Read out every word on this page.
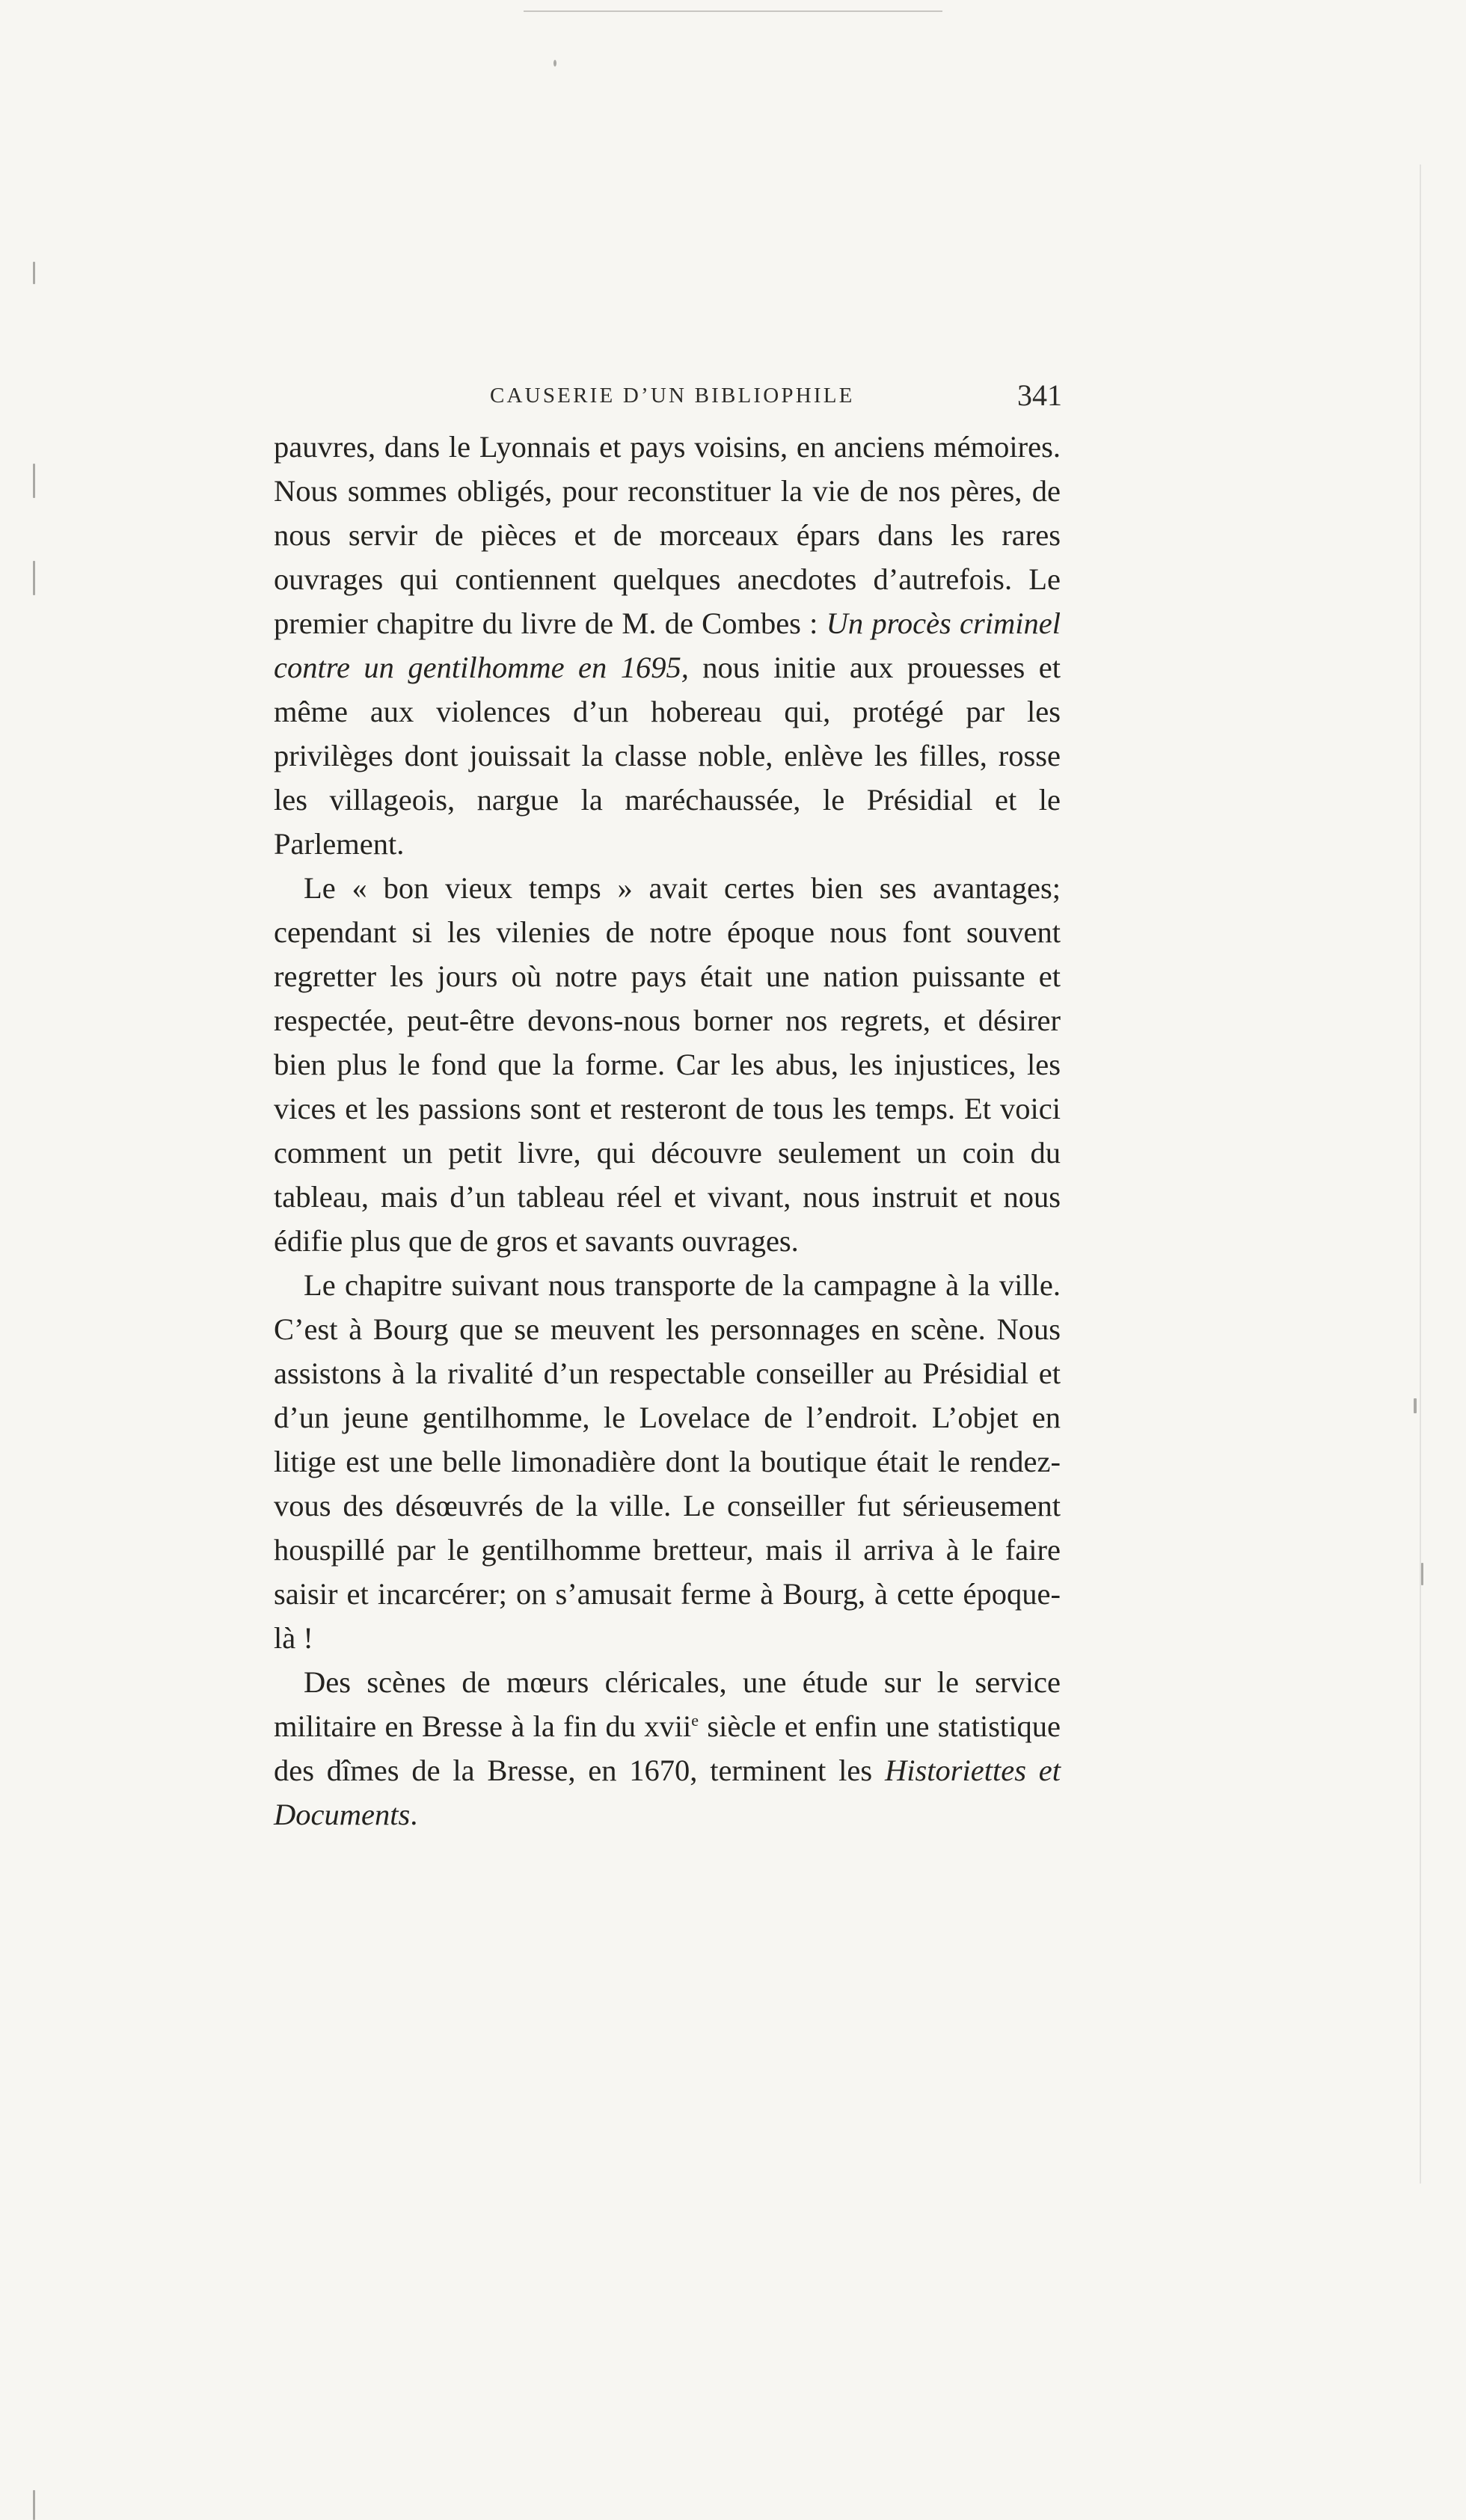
CAUSERIE D’UN BIBLIOPHILE	341

pauvres, dans le Lyonnais et pays voisins, en anciens mémoires. Nous sommes obligés, pour reconstituer la vie de nos pères, de nous servir de pièces et de morceaux épars dans les rares ouvrages qui contiennent quelques anecdotes d’autrefois. Le premier chapitre du livre de M. de Combes : Un procès criminel contre un gentilhomme en 1695, nous initie aux prouesses et même aux violences d’un hobereau qui, protégé par les privilèges dont jouissait la classe noble, enlève les filles, rosse les villageois, nargue la maréchaussée, le Présidial et le Parlement.

Le « bon vieux temps » avait certes bien ses avantages; cependant si les vilenies de notre époque nous font souvent regretter les jours où notre pays était une nation puissante et respectée, peut-être devons-nous borner nos regrets, et désirer bien plus le fond que la forme. Car les abus, les injustices, les vices et les passions sont et resteront de tous les temps. Et voici comment un petit livre, qui découvre seulement un coin du tableau, mais d’un tableau réel et vivant, nous instruit et nous édifie plus que de gros et savants ouvrages.

Le chapitre suivant nous transporte de la campagne à la ville. C’est à Bourg que se meuvent les personnages en scène. Nous assistons à la rivalité d’un respectable conseiller au Présidial et d’un jeune gentilhomme, le Lovelace de l’endroit. L’objet en litige est une belle limonadière dont la boutique était le rendez-vous des désœuvrés de la ville. Le conseiller fut sérieusement houspillé par le gentilhomme bretteur, mais il arriva à le faire saisir et incarcérer; on s’amusait ferme à Bourg, à cette époque-là !

Des scènes de mœurs cléricales, une étude sur le service militaire en Bresse à la fin du xvii$^e$ siècle et enfin une statistique des dîmes de la Bresse, en 1670, terminent les Historiettes et Documents.
